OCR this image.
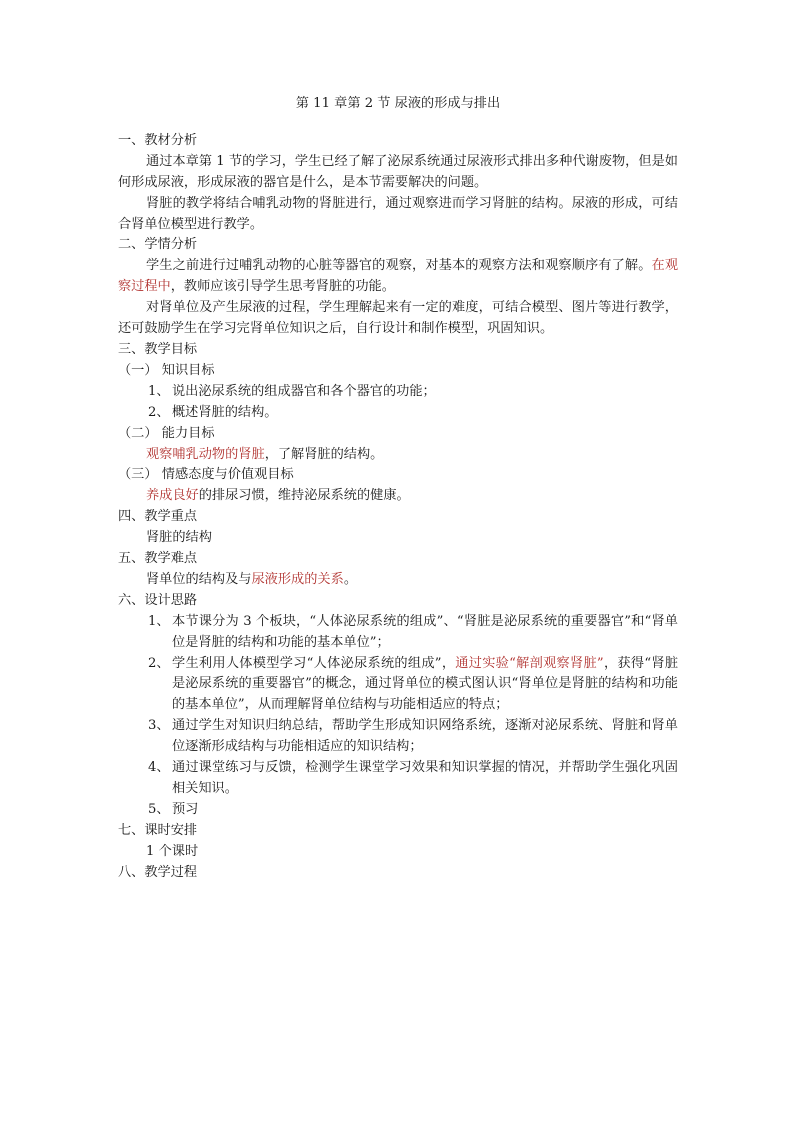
第 11 章第 2 节 尿液的形成与排出
一、教材分析
通过本章第 1 节的学习，学生已经了解了泌尿系统通过尿液形式排出多种代谢废物，但是如何形成尿液，形成尿液的器官是什么，是本节需要解决的问题。
肾脏的教学将结合哺乳动物的肾脏进行，通过观察进而学习肾脏的结构。尿液的形成，可结合肾单位模型进行教学。
二、学情分析
学生之前进行过哺乳动物的心脏等器官的观察，对基本的观察方法和观察顺序有了解。在观察过程中，教师应该引导学生思考肾脏的功能。
对肾单位及产生尿液的过程，学生理解起来有一定的难度，可结合模型、图片等进行教学，还可鼓励学生在学习完肾单位知识之后，自行设计和制作模型，巩固知识。
三、教学目标
（一） 知识目标
1、 说出泌尿系统的组成器官和各个器官的功能；
2、 概述肾脏的结构。
（二） 能力目标
观察哺乳动物的肾脏，了解肾脏的结构。
（三） 情感态度与价值观目标
养成良好的排尿习惯，维持泌尿系统的健康。
四、教学重点
肾脏的结构
五、教学难点
肾单位的结构及与尿液形成的关系。
六、设计思路
1、 本节课分为 3 个板块，“人体泌尿系统的组成”、“肾脏是泌尿系统的重要器官”和“肾单位是肾脏的结构和功能的基本单位”；
2、 学生利用人体模型学习“人体泌尿系统的组成”，通过实验“解剖观察肾脏”，获得“肾脏是泌尿系统的重要器官”的概念，通过肾单位的模式图认识“肾单位是肾脏的结构和功能的基本单位”，从而理解肾单位结构与功能相适应的特点；
3、 通过学生对知识归纳总结，帮助学生形成知识网络系统，逐渐对泌尿系统、肾脏和肾单位逐渐形成结构与功能相适应的知识结构；
4、 通过课堂练习与反馈，检测学生课堂学习效果和知识掌握的情况，并帮助学生强化巩固相关知识。
5、 预习
七、课时安排
1 个课时
八、教学过程
